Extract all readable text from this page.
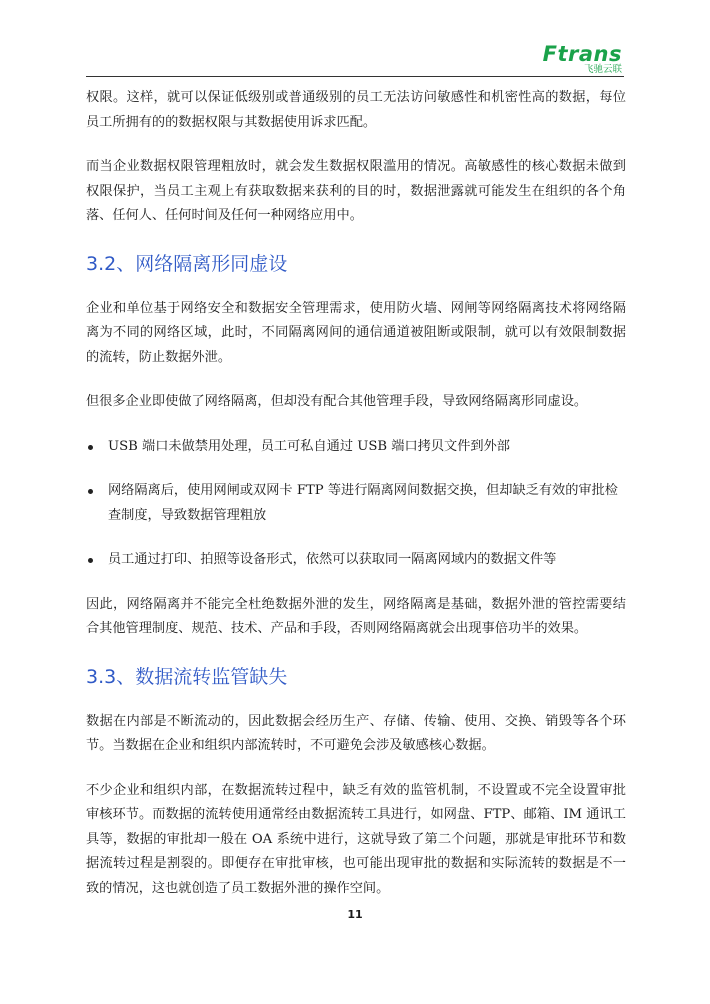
Ftrans
飞驰云联

权限。这样，就可以保证低级别或普通级别的员工无法访问敏感性和机密性高的数据，每位员工所拥有的的数据权限与其数据使用诉求匹配。

而当企业数据权限管理粗放时，就会发生数据权限滥用的情况。高敏感性的核心数据未做到权限保护，当员工主观上有获取数据来获利的目的时，数据泄露就可能发生在组织的各个角落、任何人、任何时间及任何一种网络应用中。

3.2、网络隔离形同虚设

企业和单位基于网络安全和数据安全管理需求，使用防火墙、网闸等网络隔离技术将网络隔离为不同的网络区域，此时，不同隔离网间的通信通道被阻断或限制，就可以有效限制数据的流转，防止数据外泄。

但很多企业即使做了网络隔离，但却没有配合其他管理手段，导致网络隔离形同虚设。

USB 端口未做禁用处理，员工可私自通过 USB 端口拷贝文件到外部
网络隔离后，使用网闸或双网卡 FTP 等进行隔离网间数据交换，但却缺乏有效的审批检查制度，导致数据管理粗放
员工通过打印、拍照等设备形式，依然可以获取同一隔离网域内的数据文件等

因此，网络隔离并不能完全杜绝数据外泄的发生，网络隔离是基础，数据外泄的管控需要结合其他管理制度、规范、技术、产品和手段，否则网络隔离就会出现事倍功半的效果。

3.3、数据流转监管缺失

数据在内部是不断流动的，因此数据会经历生产、存储、传输、使用、交换、销毁等各个环节。当数据在企业和组织内部流转时，不可避免会涉及敏感核心数据。

不少企业和组织内部，在数据流转过程中，缺乏有效的监管机制，不设置或不完全设置审批审核环节。而数据的流转使用通常经由数据流转工具进行，如网盘、FTP、邮箱、IM 通讯工具等，数据的审批却一般在 OA 系统中进行，这就导致了第二个问题，那就是审批环节和数据流转过程是割裂的。即便存在审批审核，也可能出现审批的数据和实际流转的数据是不一致的情况，这也就创造了员工数据外泄的操作空间。

11
